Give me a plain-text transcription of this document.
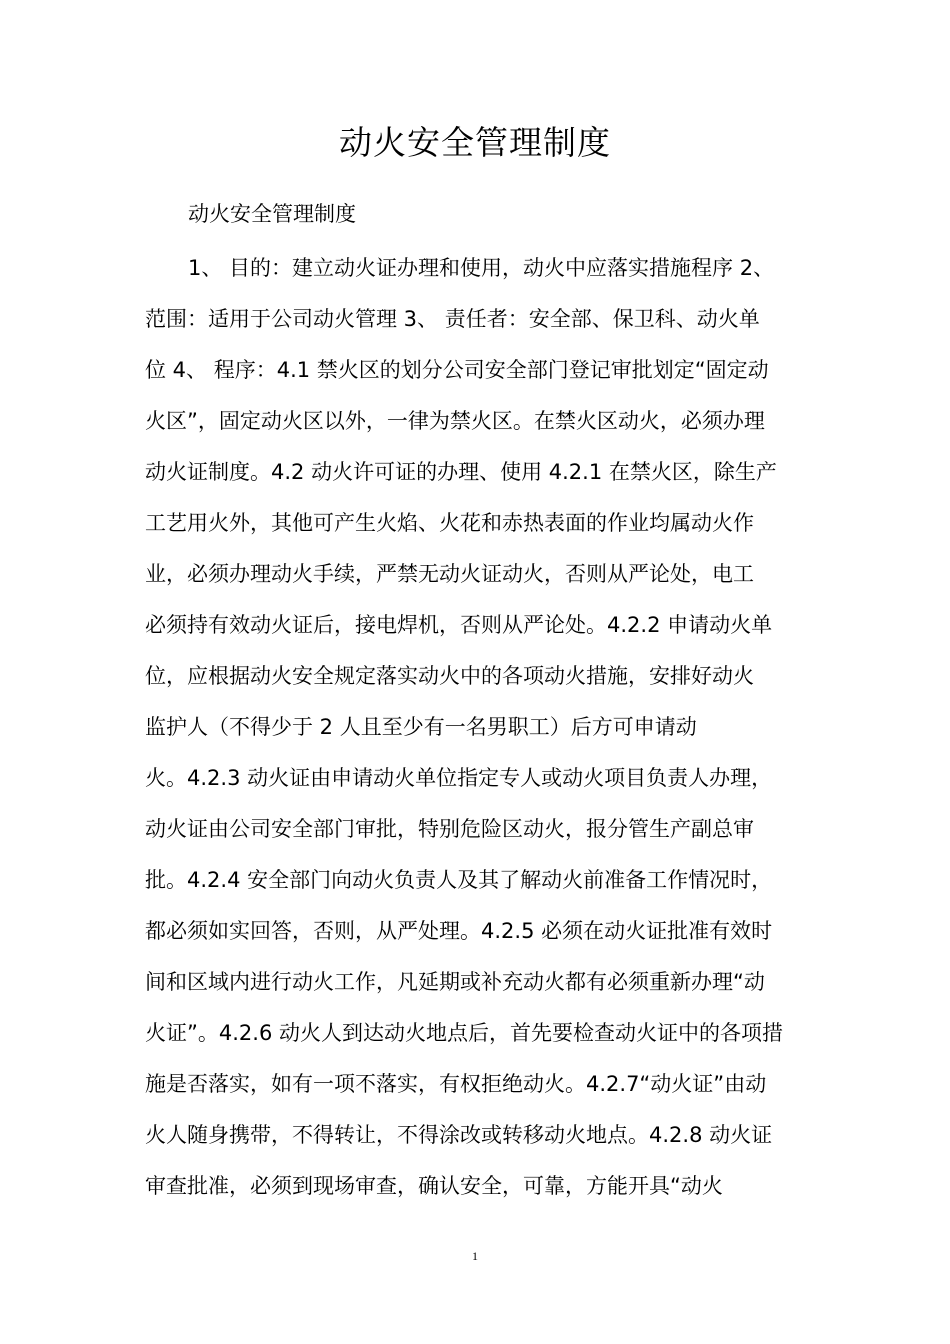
动火安全管理制度
动火安全管理制度
1、 目的：建立动火证办理和使用，动火中应落实措施程序 2、
范围：适用于公司动火管理 3、 责任者：安全部、保卫科、动火单
位 4、 程序：4.1 禁火区的划分公司安全部门登记审批划定“固定动
火区”，固定动火区以外，一律为禁火区。在禁火区动火，必须办理
动火证制度。4.2 动火许可证的办理、使用 4.2.1 在禁火区，除生产
工艺用火外，其他可产生火焰、火花和赤热表面的作业均属动火作
业，必须办理动火手续，严禁无动火证动火，否则从严论处，电工
必须持有效动火证后，接电焊机，否则从严论处。4.2.2 申请动火单
位，应根据动火安全规定落实动火中的各项动火措施，安排好动火
监护人（不得少于 2 人且至少有一名男职工）后方可申请动
火。4.2.3 动火证由申请动火单位指定专人或动火项目负责人办理，
动火证由公司安全部门审批，特别危险区动火，报分管生产副总审
批。4.2.4 安全部门向动火负责人及其了解动火前准备工作情况时，
都必须如实回答，否则，从严处理。4.2.5 必须在动火证批准有效时
间和区域内进行动火工作，凡延期或补充动火都有必须重新办理“动
火证”。4.2.6 动火人到达动火地点后，首先要检查动火证中的各项措
施是否落实，如有一项不落实，有权拒绝动火。4.2.7“动火证”由动
火人随身携带，不得转让，不得涂改或转移动火地点。4.2.8 动火证
审查批准，必须到现场审查，确认安全，可靠，方能开具“动火
1
